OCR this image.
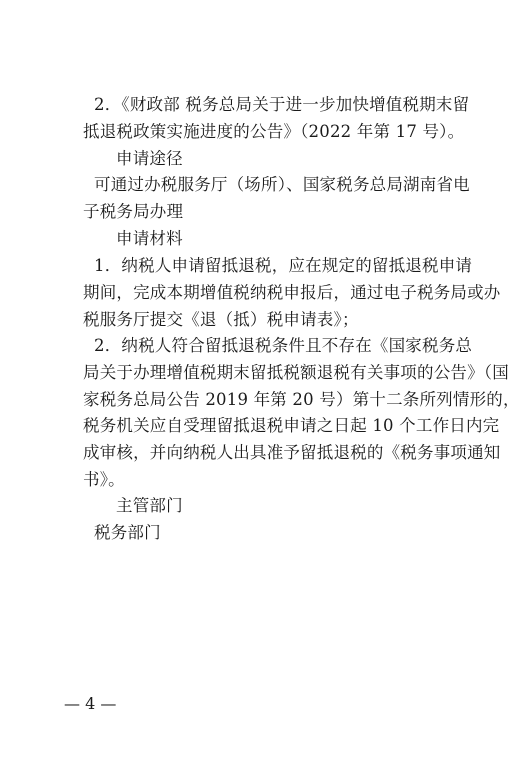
2．《财政部 税务总局关于进一步加快增值税期末留
抵退税政策实施进度的公告》（2022 年第 17 号）。
申请途径
可通过办税服务厅（场所）、国家税务总局湖南省电
子税务局办理
申请材料
1．纳税人申请留抵退税，应在规定的留抵退税申请
期间，完成本期增值税纳税申报后，通过电子税务局或办
税服务厅提交《退（抵）税申请表》；
2．纳税人符合留抵退税条件且不存在《国家税务总
局关于办理增值税期末留抵税额退税有关事项的公告》（国
家税务总局公告 2019 年第 20 号）第十二条所列情形的，
税务机关应自受理留抵退税申请之日起 10 个工作日内完
成审核，并向纳税人出具准予留抵退税的《税务事项通知
书》。
主管部门
税务部门
— 4 —
